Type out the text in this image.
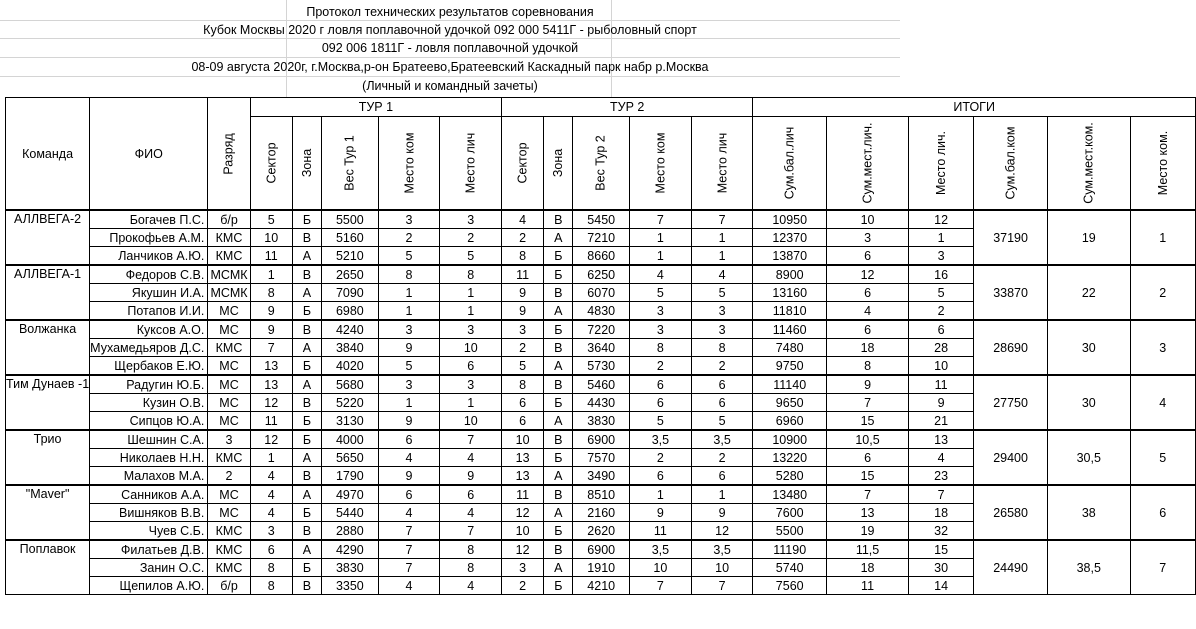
Протокол технических результатов соревнования
Кубок Москвы 2020 г ловля поплавочной удочкой 092 000 5411Г - рыболовный спорт
092 006 1811Г - ловля поплавочной удочкой
08-09 августа 2020г, г.Москва,р-он Братеево,Братеевский Каскадный парк набр р.Москва
(Личный и командный зачеты)
Команда	ФИО	Разряд	ТУР 1					ТУР 2					ИТОГИ					
			Сектор	Зона	Вес Тур 1	Место ком	Место лич	Сектор	Зона	Вес Тур 2	Место ком	Место лич	Сум.бал.лич	Сум.мест.лич.	Место лич.	Сум.бал.ком	Сум.мест.ком.	Место ком.
АЛЛВЕГА-2	Богачев П.С.	б/р	5	Б	5500	3	3	4	В	5450	7	7	10950	10	12	37190	19	1
	Прокофьев А.М.	КМС	10	В	5160	2	2	2	А	7210	1	1	12370	3	1			
	Ланчиков А.Ю.	КМС	11	А	5210	5	5	8	Б	8660	1	1	13870	6	3			
АЛЛВЕГА-1	Федоров С.В.	МСМК	1	В	2650	8	8	11	Б	6250	4	4	8900	12	16	33870	22	2
	Якушин И.А.	МСМК	8	А	7090	1	1	9	В	6070	5	5	13160	6	5			
	Потапов И.И.	МС	9	Б	6980	1	1	9	А	4830	3	3	11810	4	2			
Волжанка	Куксов А.О.	МС	9	В	4240	3	3	3	Б	7220	3	3	11460	6	6	28690	30	3
	Мухамедьяров Д.С.	КМС	7	А	3840	9	10	2	В	3640	8	8	7480	18	28			
	Щербаков Е.Ю.	МС	13	Б	4020	5	6	5	А	5730	2	2	9750	8	10			
Тим Дунаев -1	Радугин Ю.Б.	МС	13	А	5680	3	3	8	В	5460	6	6	11140	9	11	27750	30	4
	Кузин О.В.	МС	12	В	5220	1	1	6	Б	4430	6	6	9650	7	9			
	Сипцов Ю.А.	МС	11	Б	3130	9	10	6	А	3830	5	5	6960	15	21			
Трио	Шешнин С.А.	3	12	Б	4000	6	7	10	В	6900	3,5	3,5	10900	10,5	13	29400	30,5	5
	Николаев Н.Н.	КМС	1	А	5650	4	4	13	Б	7570	2	2	13220	6	4			
	Малахов М.А.	2	4	В	1790	9	9	13	А	3490	6	6	5280	15	23			
"Maver"	Санников А.А.	МС	4	А	4970	6	6	11	В	8510	1	1	13480	7	7	26580	38	6
	Вишняков В.В.	МС	4	Б	5440	4	4	12	А	2160	9	9	7600	13	18			
	Чуев С.Б.	КМС	3	В	2880	7	7	10	Б	2620	11	12	5500	19	32			
Поплавок	Филатьев Д.В.	КМС	6	А	4290	7	8	12	В	6900	3,5	3,5	11190	11,5	15	24490	38,5	7
	Занин О.С.	КМС	8	Б	3830	7	8	3	А	1910	10	10	5740	18	30			
	Щепилов А.Ю.	б/р	8	В	3350	4	4	2	Б	4210	7	7	7560	11	14			
